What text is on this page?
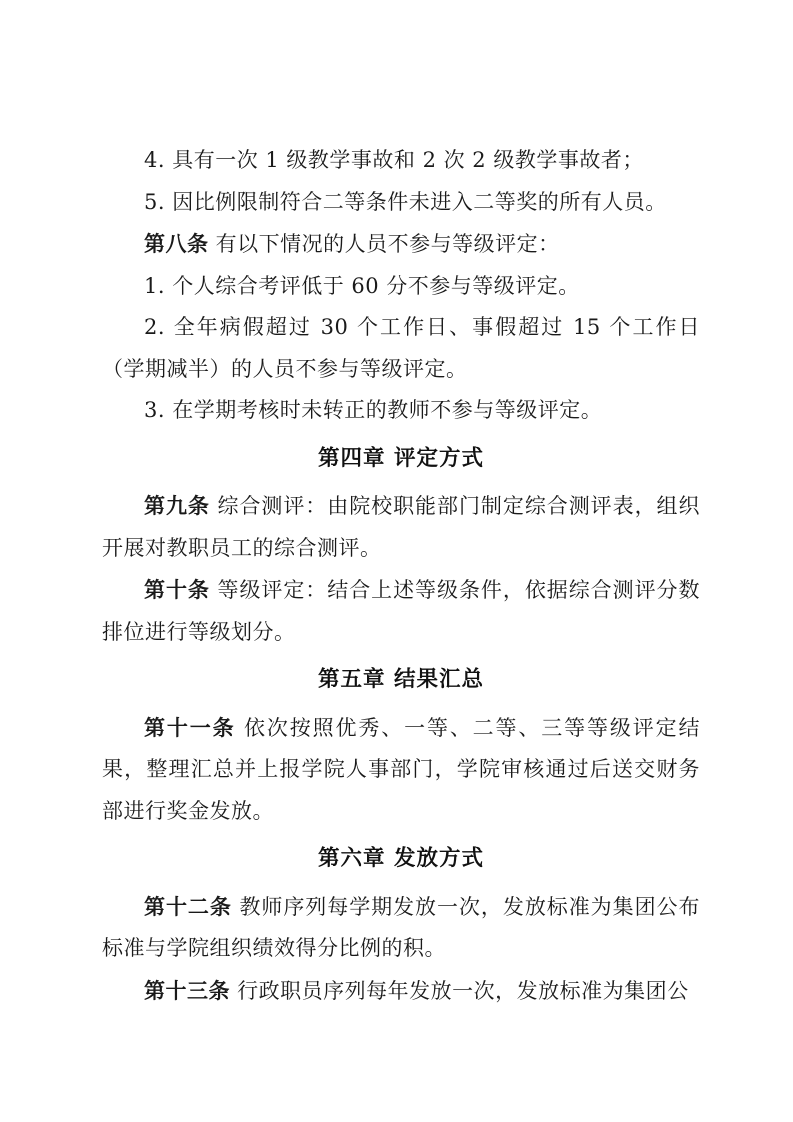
4. 具有一次 1 级教学事故和 2 次 2 级教学事故者；

5. 因比例限制符合二等条件未进入二等奖的所有人员。

第八条 有以下情况的人员不参与等级评定：

1. 个人综合考评低于 60 分不参与等级评定。

2. 全年病假超过 30 个工作日、事假超过 15 个工作日（学期减半）的人员不参与等级评定。

3. 在学期考核时未转正的教师不参与等级评定。

第四章 评定方式

第九条 综合测评：由院校职能部门制定综合测评表，组织开展对教职员工的综合测评。

第十条 等级评定：结合上述等级条件，依据综合测评分数排位进行等级划分。

第五章 结果汇总

第十一条 依次按照优秀、一等、二等、三等等级评定结果，整理汇总并上报学院人事部门，学院审核通过后送交财务部进行奖金发放。

第六章 发放方式

第十二条 教师序列每学期发放一次，发放标准为集团公布标准与学院组织绩效得分比例的积。

第十三条 行政职员序列每年发放一次，发放标准为集团公
